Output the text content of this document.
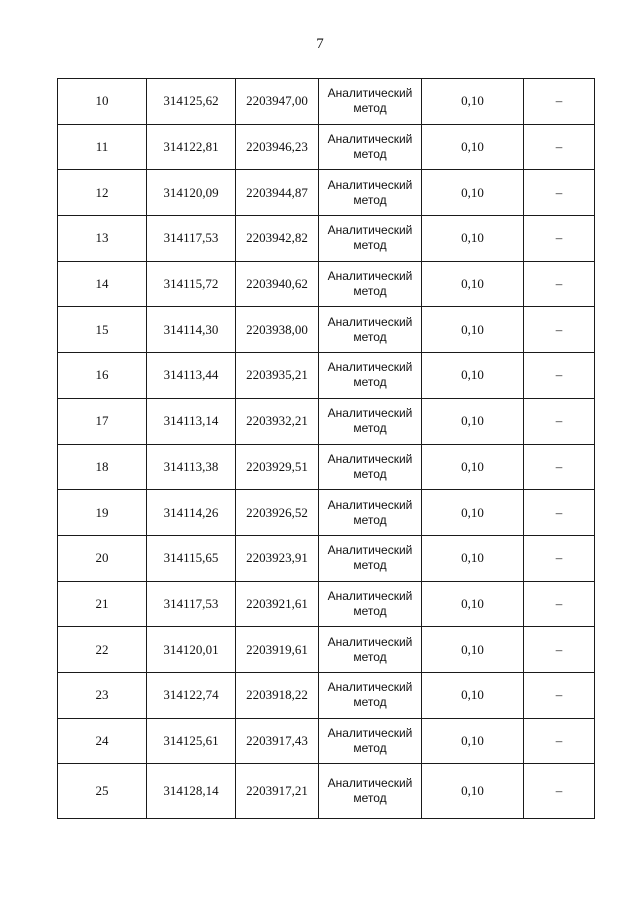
7
10	314125,62	2203947,00	Аналитический
метод	0,10	–
11	314122,81	2203946,23	Аналитический
метод	0,10	–
12	314120,09	2203944,87	Аналитический
метод	0,10	–
13	314117,53	2203942,82	Аналитический
метод	0,10	–
14	314115,72	2203940,62	Аналитический
метод	0,10	–
15	314114,30	2203938,00	Аналитический
метод	0,10	–
16	314113,44	2203935,21	Аналитический
метод	0,10	–
17	314113,14	2203932,21	Аналитический
метод	0,10	–
18	314113,38	2203929,51	Аналитический
метод	0,10	–
19	314114,26	2203926,52	Аналитический
метод	0,10	–
20	314115,65	2203923,91	Аналитический
метод	0,10	–
21	314117,53	2203921,61	Аналитический
метод	0,10	–
22	314120,01	2203919,61	Аналитический
метод	0,10	–
23	314122,74	2203918,22	Аналитический
метод	0,10	–
24	314125,61	2203917,43	Аналитический
метод	0,10	–
25	314128,14	2203917,21	Аналитический
метод	0,10	–
